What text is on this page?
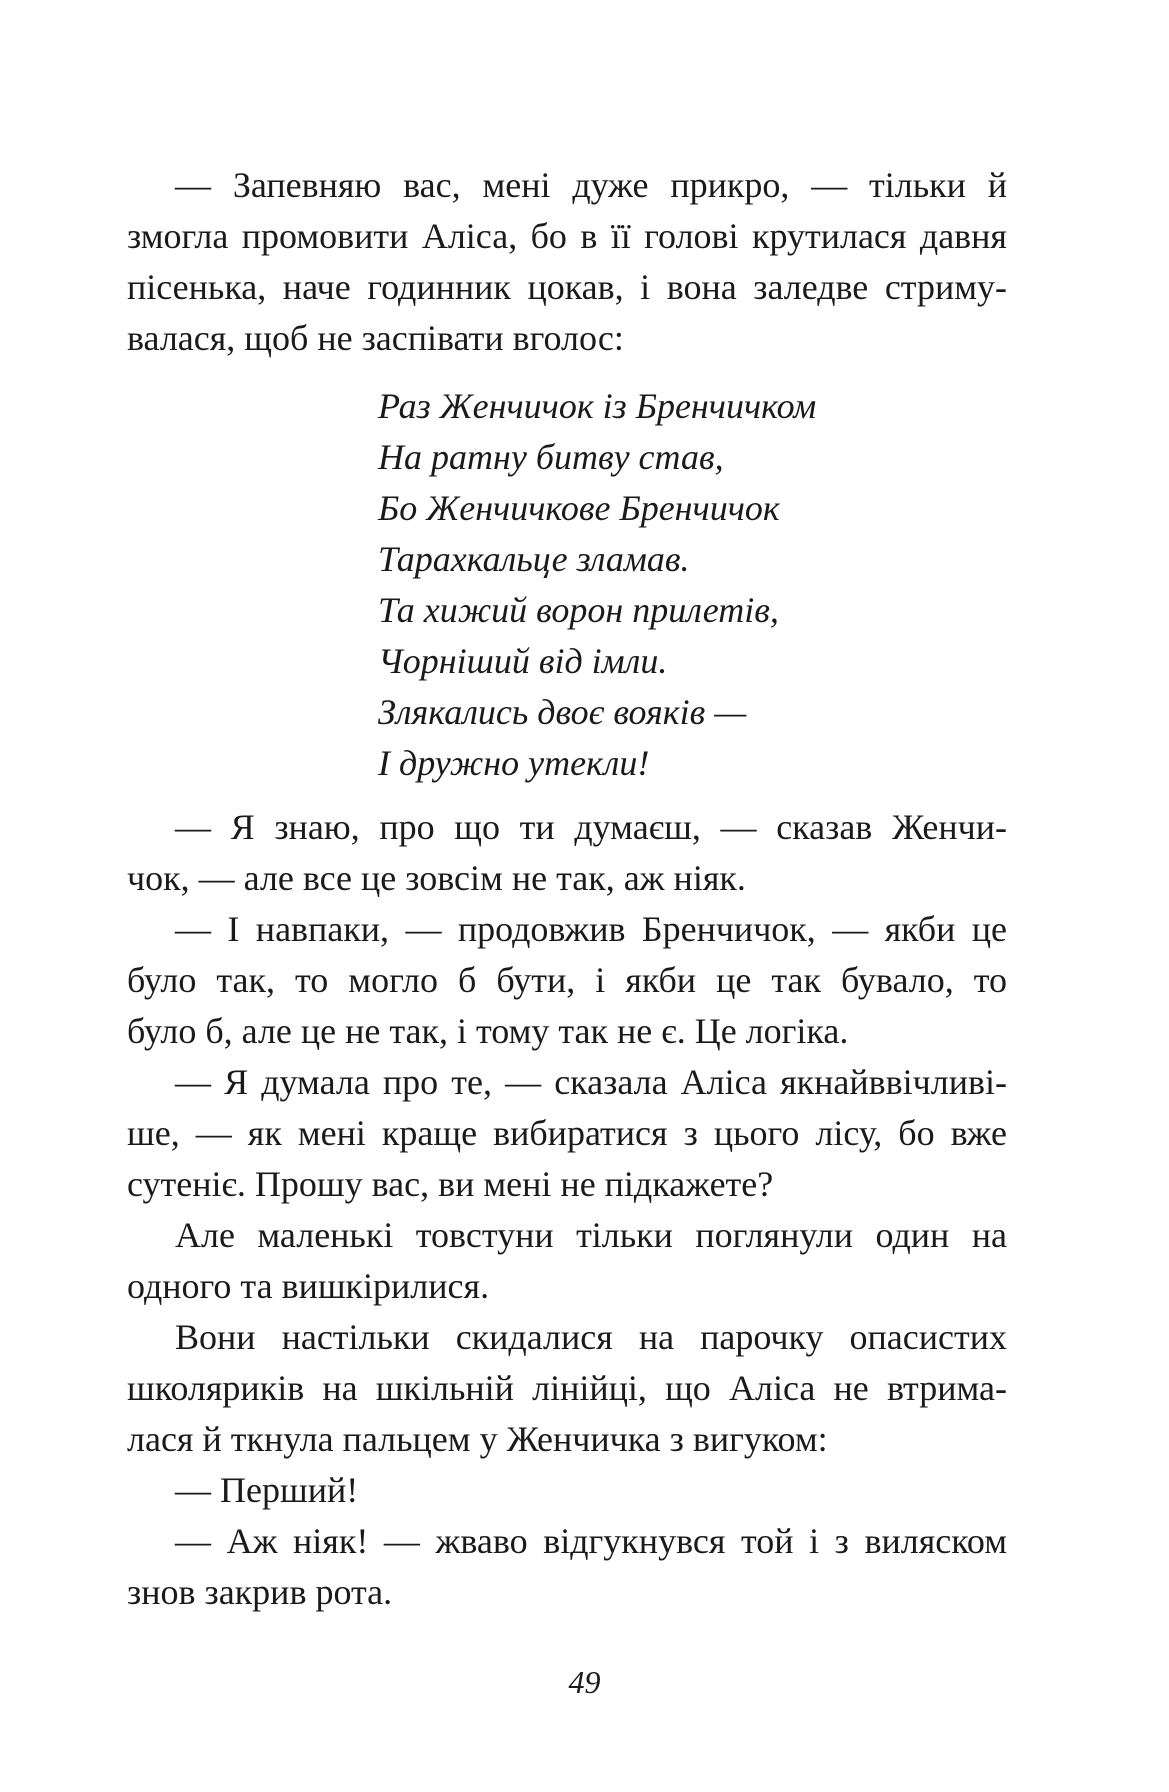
— Запевняю вас, мені дуже прикро, — тільки й
змогла промовити Аліса, бо в її голові крутилася давня
пісенька, наче годинник цокав, і вона заледве стриму-
валася, щоб не заспівати вголос:
Раз Женчичок із Бренчичком
На ратну битву став,
Бо Женчичкове Бренчичок
Тарахкальце зламав.
Та хижий ворон прилетів,
Чорніший від імли.
Злякались двоє вояків —
І дружно утекли!
— Я знаю, про що ти думаєш, — сказав Женчи-
чок, — але все це зовсім не так, аж ніяк.
— І навпаки, — продовжив Бренчичок, — якби це
було так, то могло б бути, і якби це так бувало, то
було б, але це не так, і тому так не є. Це логіка.
— Я думала про те, — сказала Аліса якнайввічливі-
ше, — як мені краще вибиратися з цього лісу, бо вже
сутеніє. Прошу вас, ви мені не підкажете?
Але маленькі товстуни тільки поглянули один на
одного та вишкірилися.
Вони настільки скидалися на парочку опасистих
школяриків на шкільній лінійці, що Аліса не втрима-
лася й ткнула пальцем у Женчичка з вигуком:
— Перший!
— Аж ніяк! — жваво відгукнувся той і з виляском
знов закрив рота.
49
